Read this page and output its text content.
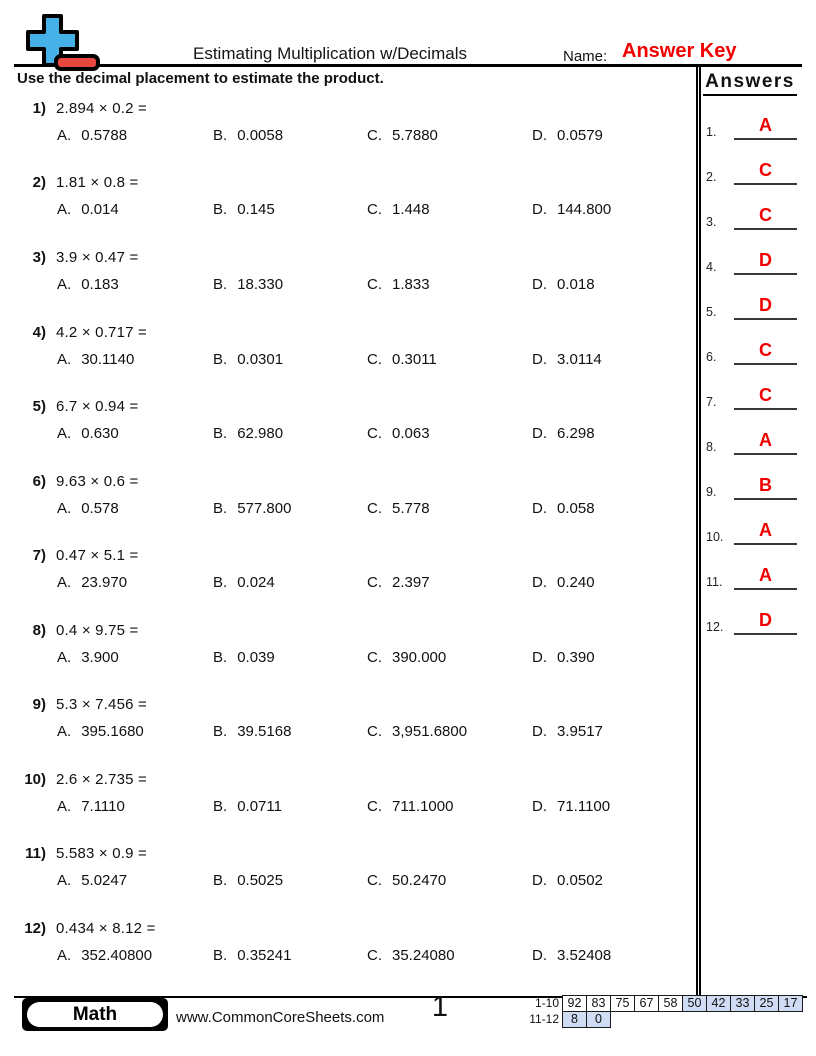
Estimating Multiplication w/Decimals	Name: Answer Key
Use the decimal placement to estimate the product.	Answers
1.	A
2.	C
3.	C
4.	D
5.	D
6.	C
7.	C
8.	A
9.	B
10.	A
11.	A
12.	D
1) 2.894 × 0.2 =
A. 0.5788	B. 0.0058	C. 5.7880	D. 0.0579
2) 1.81 × 0.8 =
A. 0.014	B. 0.145	C. 1.448	D. 144.800
3) 3.9 × 0.47 =
A. 0.183	B. 18.330	C. 1.833	D. 0.018
4) 4.2 × 0.717 =
A. 30.1140	B. 0.0301	C. 0.3011	D. 3.0114
5) 6.7 × 0.94 =
A. 0.630	B. 62.980	C. 0.063	D. 6.298
6) 9.63 × 0.6 =
A. 0.578	B. 577.800	C. 5.778	D. 0.058
7) 0.47 × 5.1 =
A. 23.970	B. 0.024	C. 2.397	D. 0.240
8) 0.4 × 9.75 =
A. 3.900	B. 0.039	C. 390.000	D. 0.390
9) 5.3 × 7.456 =
A. 395.1680	B. 39.5168	C. 3,951.6800	D. 3.9517
10) 2.6 × 2.735 =
A. 7.1110	B. 0.0711	C. 711.1000	D. 71.1100
11) 5.583 × 0.9 =
A. 5.0247	B. 0.5025	C. 50.2470	D. 0.0502
12) 0.434 × 8.12 =
A. 352.40800	B. 0.35241	C. 35.24080	D. 3.52408
Math	www.CommonCoreSheets.com	1	1-10 92 83 75 67 58 50 42 33 25 17
11-12 8	0
